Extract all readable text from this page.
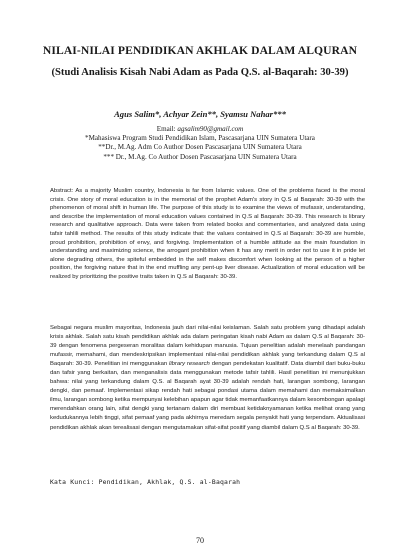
NILAI-NILAI PENDIDIKAN AKHLAK DALAM ALQURAN
(Studi Analisis Kisah Nabi Adam as Pada Q.S. al-Baqarah: 30-39)
Agus Salim*, Achyar Zein**, Syamsu Nahar***
Email: agsalim90@gmail.com
*Mahasiswa Program Studi Pendidikan Islam, Pascasarjana UIN Sumatera Utara
**Dr., M.Ag. Adm Co Author Dosen Pascasarjana UIN Sumatera Utara
*** Dr., M.Ag. Co Author Dosen Pascasarjana UIN Sumatera Utara
Abstract: As a majority Muslim country, Indonesia is far from Islamic values. One of the problems faced is the moral crisis. One story of moral education is in the memorial of the prophet Adam's story in Q.S al Baqarah: 30-39 with the phenomenon of moral shift in human life. The purpose of this study is to examine the views of mufassir, understanding, and describe the implementation of moral education values contained in Q.S al Baqarah: 30-39. This research is library research and qualitative approach. Data were taken from related books and commentaries, and analyzed data using tafsir tahlili method. The results of this study indicate that: the values contained in Q.S al Baqarah: 30-39 are humble, proud prohibition, prohibition of envy, and forgiving. Implementation of a humble attitude as the main foundation in understanding and maximizing science, the arrogant prohibition when it has any merit in order not to use it in pride let alone degrading others, the spiteful embedded in the self makes discomfort when looking at the person of a higher position, the forgiving nature that in the end muffling any pent-up liver disease. Actualization of moral education will be realized by prioritizing the positive traits taken in Q.S al Baqarah: 30-39.
Sebagai negara muslim mayoritas, Indonesia jauh dari nilai-nilai keislaman. Salah satu problem yang dihadapi adalah krisis akhlak. Salah satu kisah pendidikan akhlak ada dalam peringatan kisah nabi Adam as dalam Q.S al Baqarah: 30-39 dengan fenomena pergeseran moralitas dalam kehidupan manusia. Tujuan penelitian adalah menelaah pandangan mufassir, memahami, dan mendeskripsikan implementasi nilai-nilai pendidikan akhlak yang terkandung dalam Q.S al Baqarah: 30-39. Penelitian ini menggunakan library research dengan pendekatan kualitatif. Data diambil dari buku-buku dan tafsir yang berkaitan, dan menganalisis data menggunakan metode tafsir tahlili. Hasil penelitian ini menunjukkan bahwa: nilai yang terkandung dalam Q.S. al Baqarah ayat 30-39 adalah rendah hati, larangan sombong, larangan dengki, dan pemaaf. Implementasi sikap rendah hati sebagai pondasi utama dalam memahami dan memaksimalkan ilmu, larangan sombong ketika mempunyai kelebihan apapun agar tidak memanfaatkannya dalam kesombongan apalagi merendahkan orang lain, sifat dengki yang tertanam dalam diri membuat ketidaknyamanan ketika melihat orang yang kedudukannya lebih tinggi, sifat pemaaf yang pada akhirnya meredam segala penyakit hati yang terpendam. Aktualisasi pendidikan akhlak akan terealisasi dengan mengutamakan sifat-sifat positif yang diambil dalam Q.S al Baqarah: 30-39.
Kata Kunci: Pendidikan, Akhlak, Q.S. al-Baqarah
70
